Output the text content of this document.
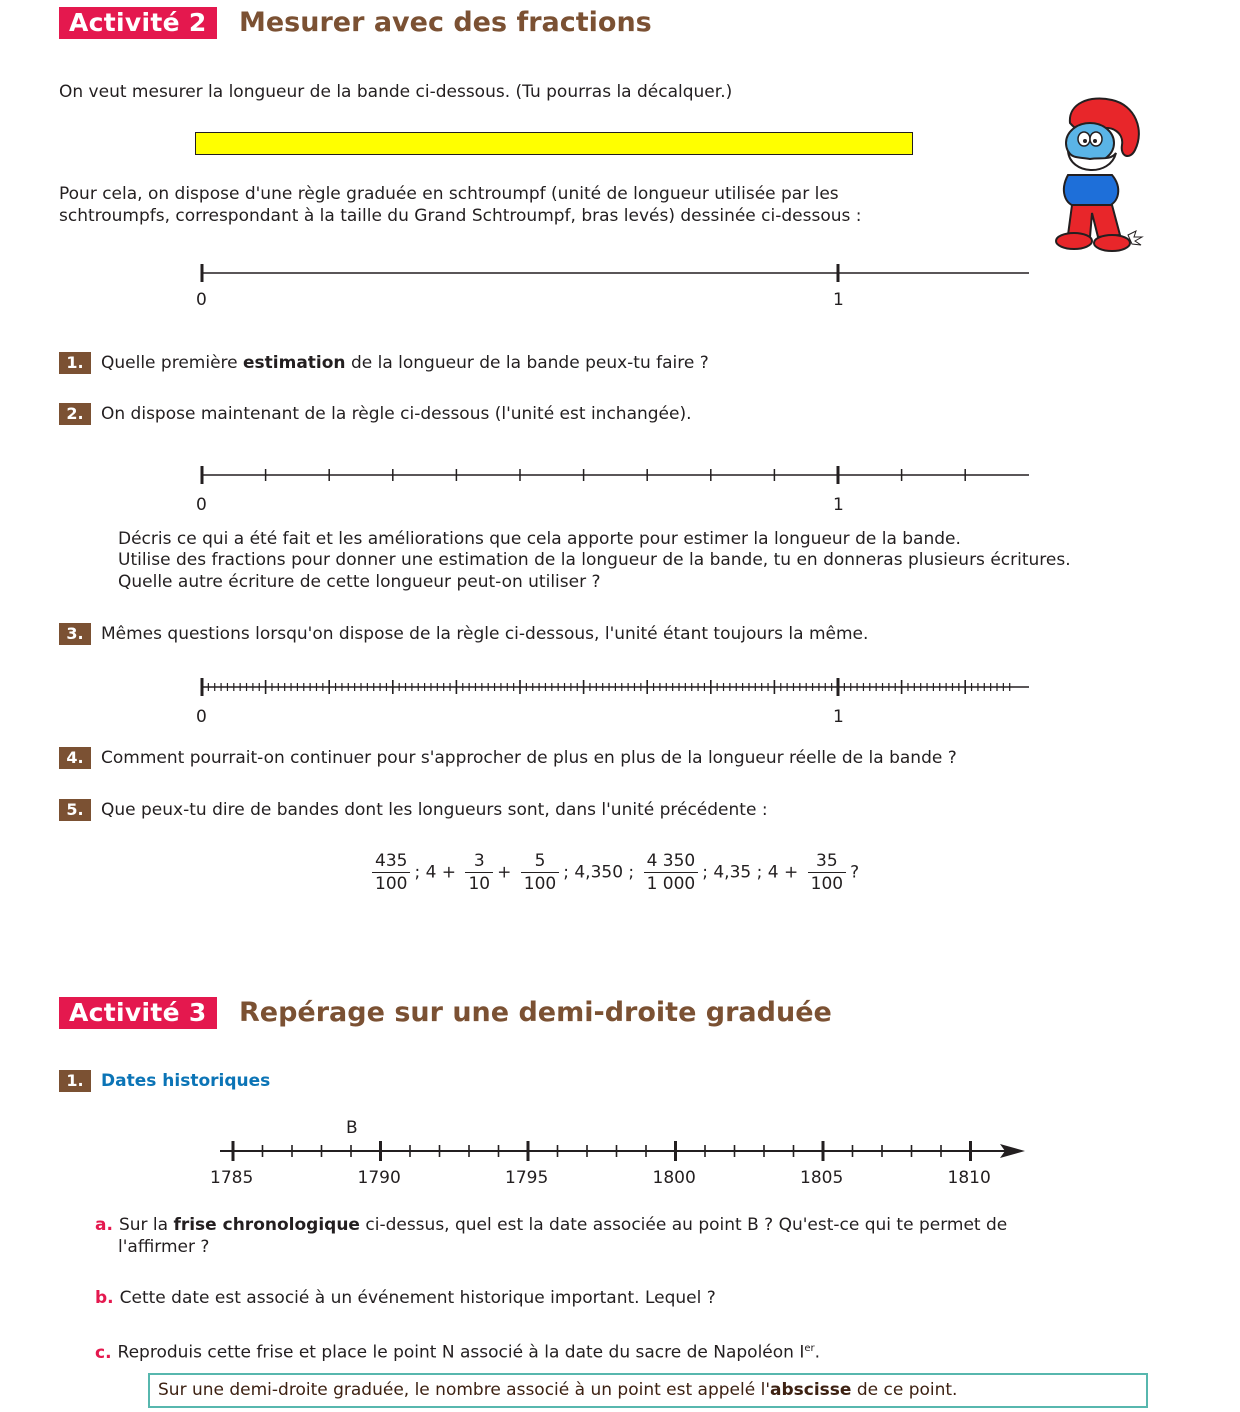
Activité 2	Mesurer avec des fractions
On veut mesurer la longueur de la bande ci-dessous. (Tu pourras la décalquer.)
Pour cela, on dispose d'une règle graduée en schtroumpf (unité de longueur utilisée par les
schtroumpfs, correspondant à la taille du Grand Schtroumpf, bras levés) dessinée ci-dessous :
0	1
1.	Quelle première estimation de la longueur de la bande peux-tu faire ?
2.	On dispose maintenant de la règle ci-dessous (l'unité est inchangée).
0	1
Décris ce qui a été fait et les améliorations que cela apporte pour estimer la longueur de la bande.
Utilise des fractions pour donner une estimation de la longueur de la bande, tu en donneras plusieurs écritures.
Quelle autre écriture de cette longueur peut-on utiliser ?
3.	Mêmes questions lorsqu'on dispose de la règle ci-dessous, l'unité étant toujours la même.
0	1
4.	Comment pourrait-on continuer pour s'approcher de plus en plus de la longueur réelle de la bande ?
5.	Que peux-tu dire de bandes dont les longueurs sont, dans l'unité précédente :
$\frac{435}{100}$ ; $4 + \frac{3}{10} + \frac{5}{100}$ ; 4,350 ; $\frac{4 350}{1 000}$ ; 4,35 ; $4 + \frac{35}{100}$ ?
Activité 3	Repérage sur une demi-droite graduée
1.	Dates historiques
B
1785	1790	1795	1800	1805	1810
a. Sur la frise chronologique ci-dessus, quel est la date associée au point B ? Qu'est-ce qui te permet de
l'affirmer ?
b. Cette date est associé à un événement historique important. Lequel ?
c. Reproduis cette frise et place le point N associé à la date du sacre de Napoléon Ier.
Sur une demi-droite graduée, le nombre associé à un point est appelé l'abscisse de ce point.
